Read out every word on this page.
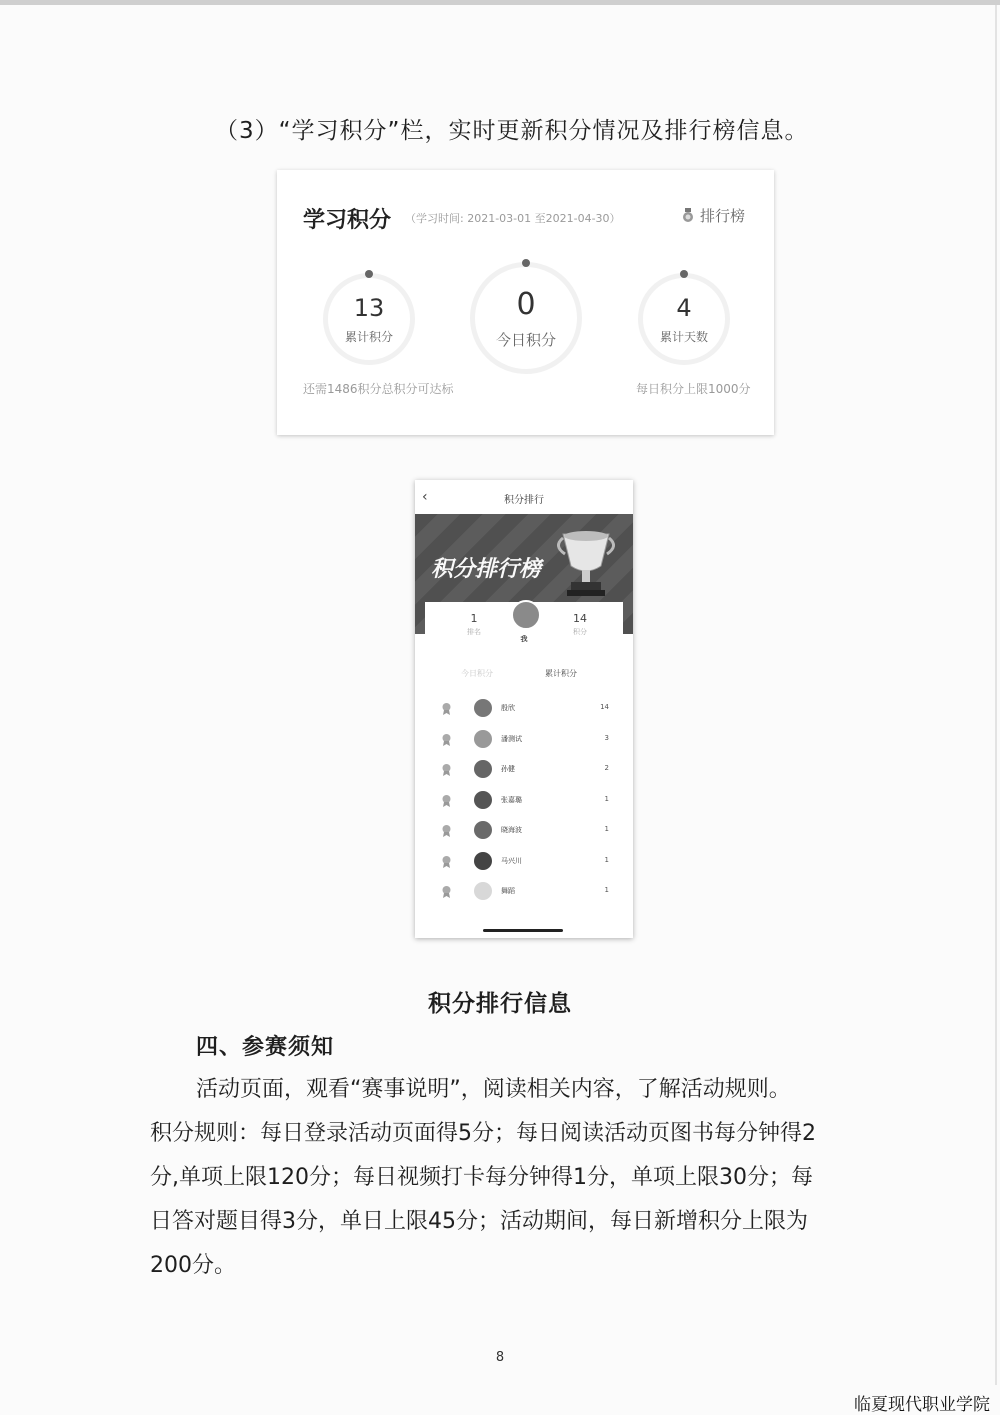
（3）“学习积分”栏，实时更新积分情况及排行榜信息。
学习积分 （学习时间: 2021-03-01 至2021-04-30）	排行榜
13
累计积分
0
今日积分
4
累计天数
还需1486积分总积分可达标	每日积分上限1000分
‹	积分排行
积分排行榜
1
排名
我
14
积分
今日积分	累计积分
殷欣	14
潘测试	3
孙健	2
张嘉璐	1
晓海波	1
马兴川	1
舞蹈	1
积分排行信息
四、参赛须知
活动页面，观看“赛事说明”，阅读相关内容，了解活动规则。
积分规则：每日登录活动页面得5分；每日阅读活动页图书每分钟得2
分,单项上限120分；每日视频打卡每分钟得1分，单项上限30分；每
日答对题目得3分，单日上限45分；活动期间，每日新增积分上限为
200分。
8
临夏现代职业学院
